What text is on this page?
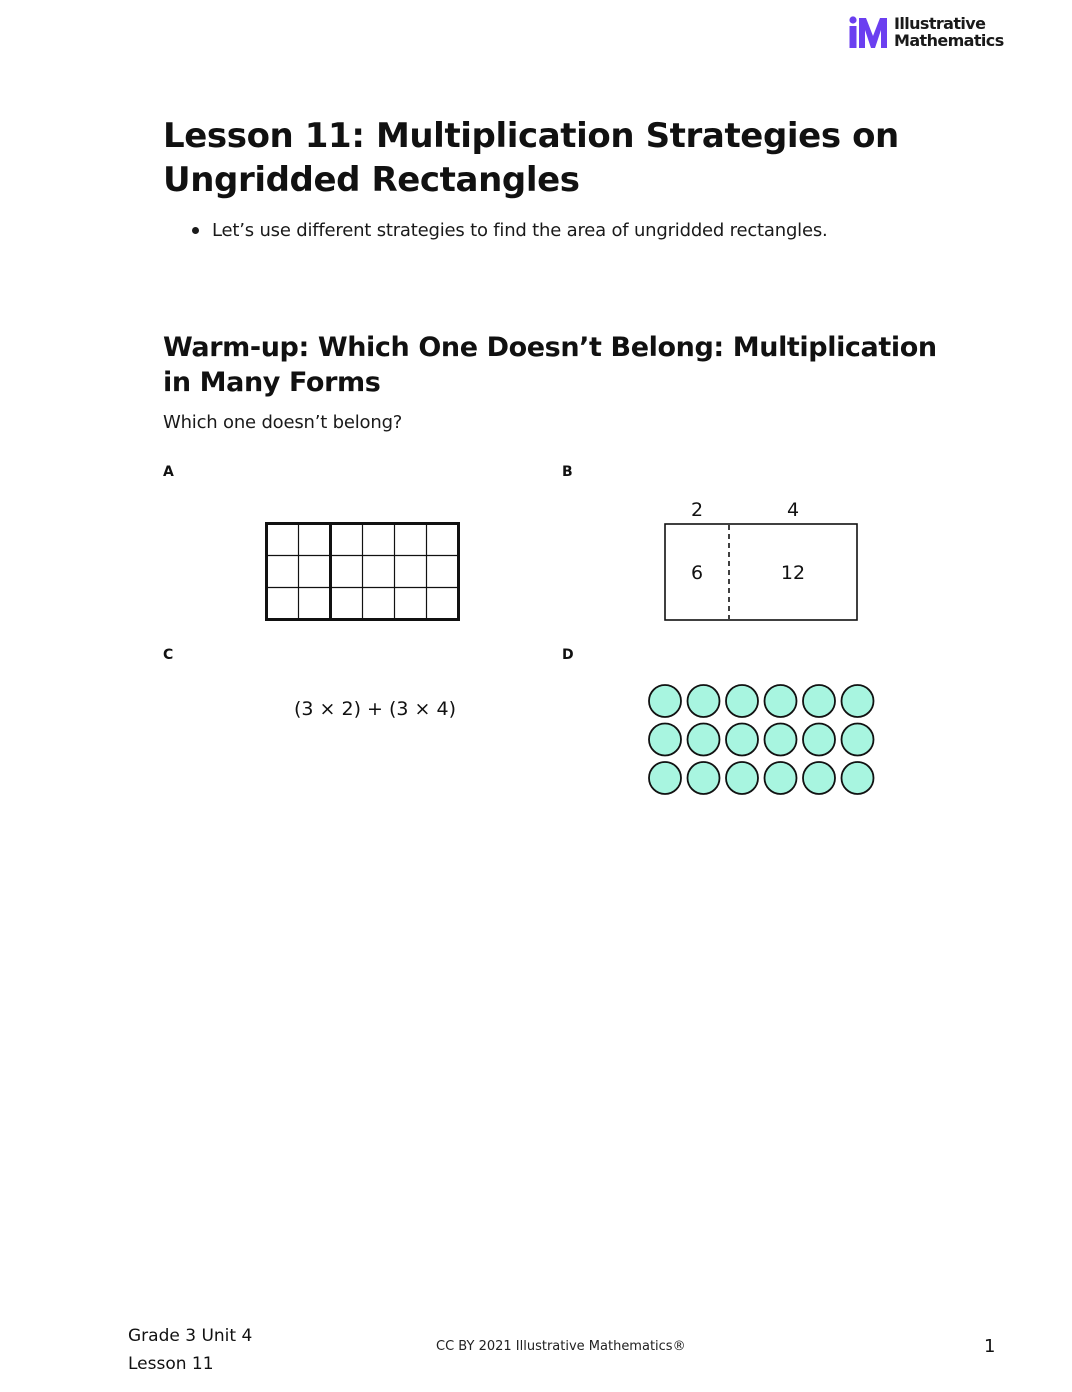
Illustrative
Mathematics
Lesson 11: Multiplication Strategies on Ungridded Rectangles
Let’s use different strategies to find the area of ungridded rectangles.
Warm-up: Which One Doesn’t Belong: Multiplication in Many Forms

Which one doesn’t belong?

A	B
2	4
6	12
C
(3 × 2) + (3 × 4)
D
Grade 3 Unit 4
Lesson 11
CC BY 2021 Illustrative Mathematics®	1
